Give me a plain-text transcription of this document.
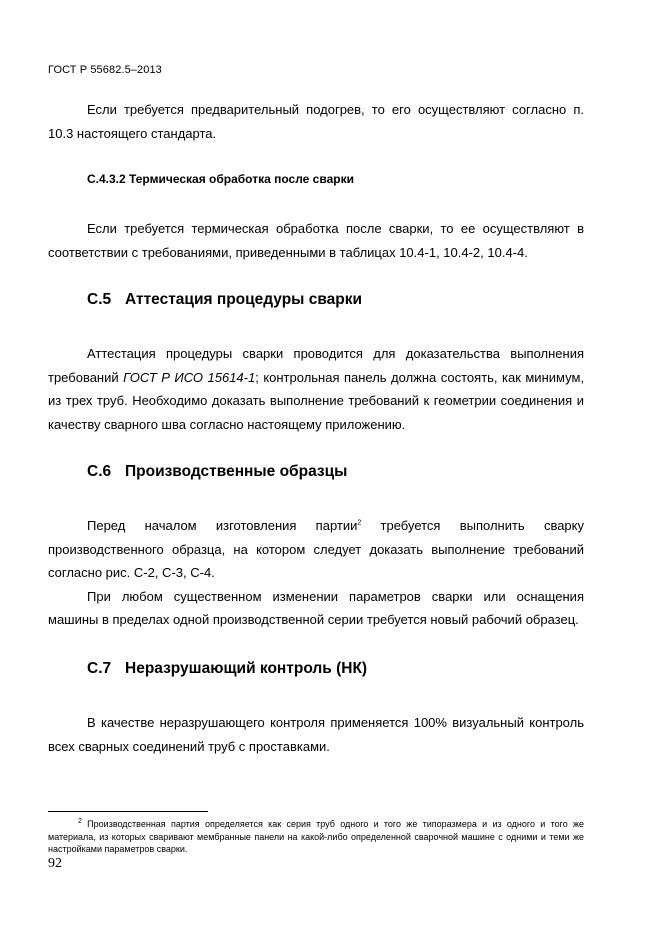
ГОСТ Р 55682.5–2013
Если требуется предварительный подогрев, то его осуществляют согласно п. 10.3 настоящего стандарта.
С.4.3.2 Термическая обработка после сварки
Если требуется термическая обработка после сварки, то ее осуществляют в соответствии с требованиями, приведенными в таблицах 10.4-1, 10.4-2, 10.4-4.
С.5 Аттестация процедуры сварки
Аттестация процедуры сварки проводится для доказательства выполнения требований ГОСТ Р ИСО 15614-1; контрольная панель должна состоять, как минимум, из трех труб. Необходимо доказать выполнение требований к геометрии соединения и качеству сварного шва согласно настоящему приложению.
С.6 Производственные образцы
Перед началом изготовления партии$^2$ требуется выполнить сварку производственного образца, на котором следует доказать выполнение требований согласно рис. С-2, С-3, С-4.
При любом существенном изменении параметров сварки или оснащения машины в пределах одной производственной серии требуется новый рабочий образец.
С.7 Неразрушающий контроль (НК)
В качестве неразрушающего контроля применяется 100% визуальный контроль всех сварных соединений труб с проставками.
$^2$ Производственная партия определяется как серия труб одного и того же типоразмера и из одного и того же материала, из которых сваривают мембранные панели на какой-либо определенной сварочной машине с одними и теми же настройками параметров сварки.
92
